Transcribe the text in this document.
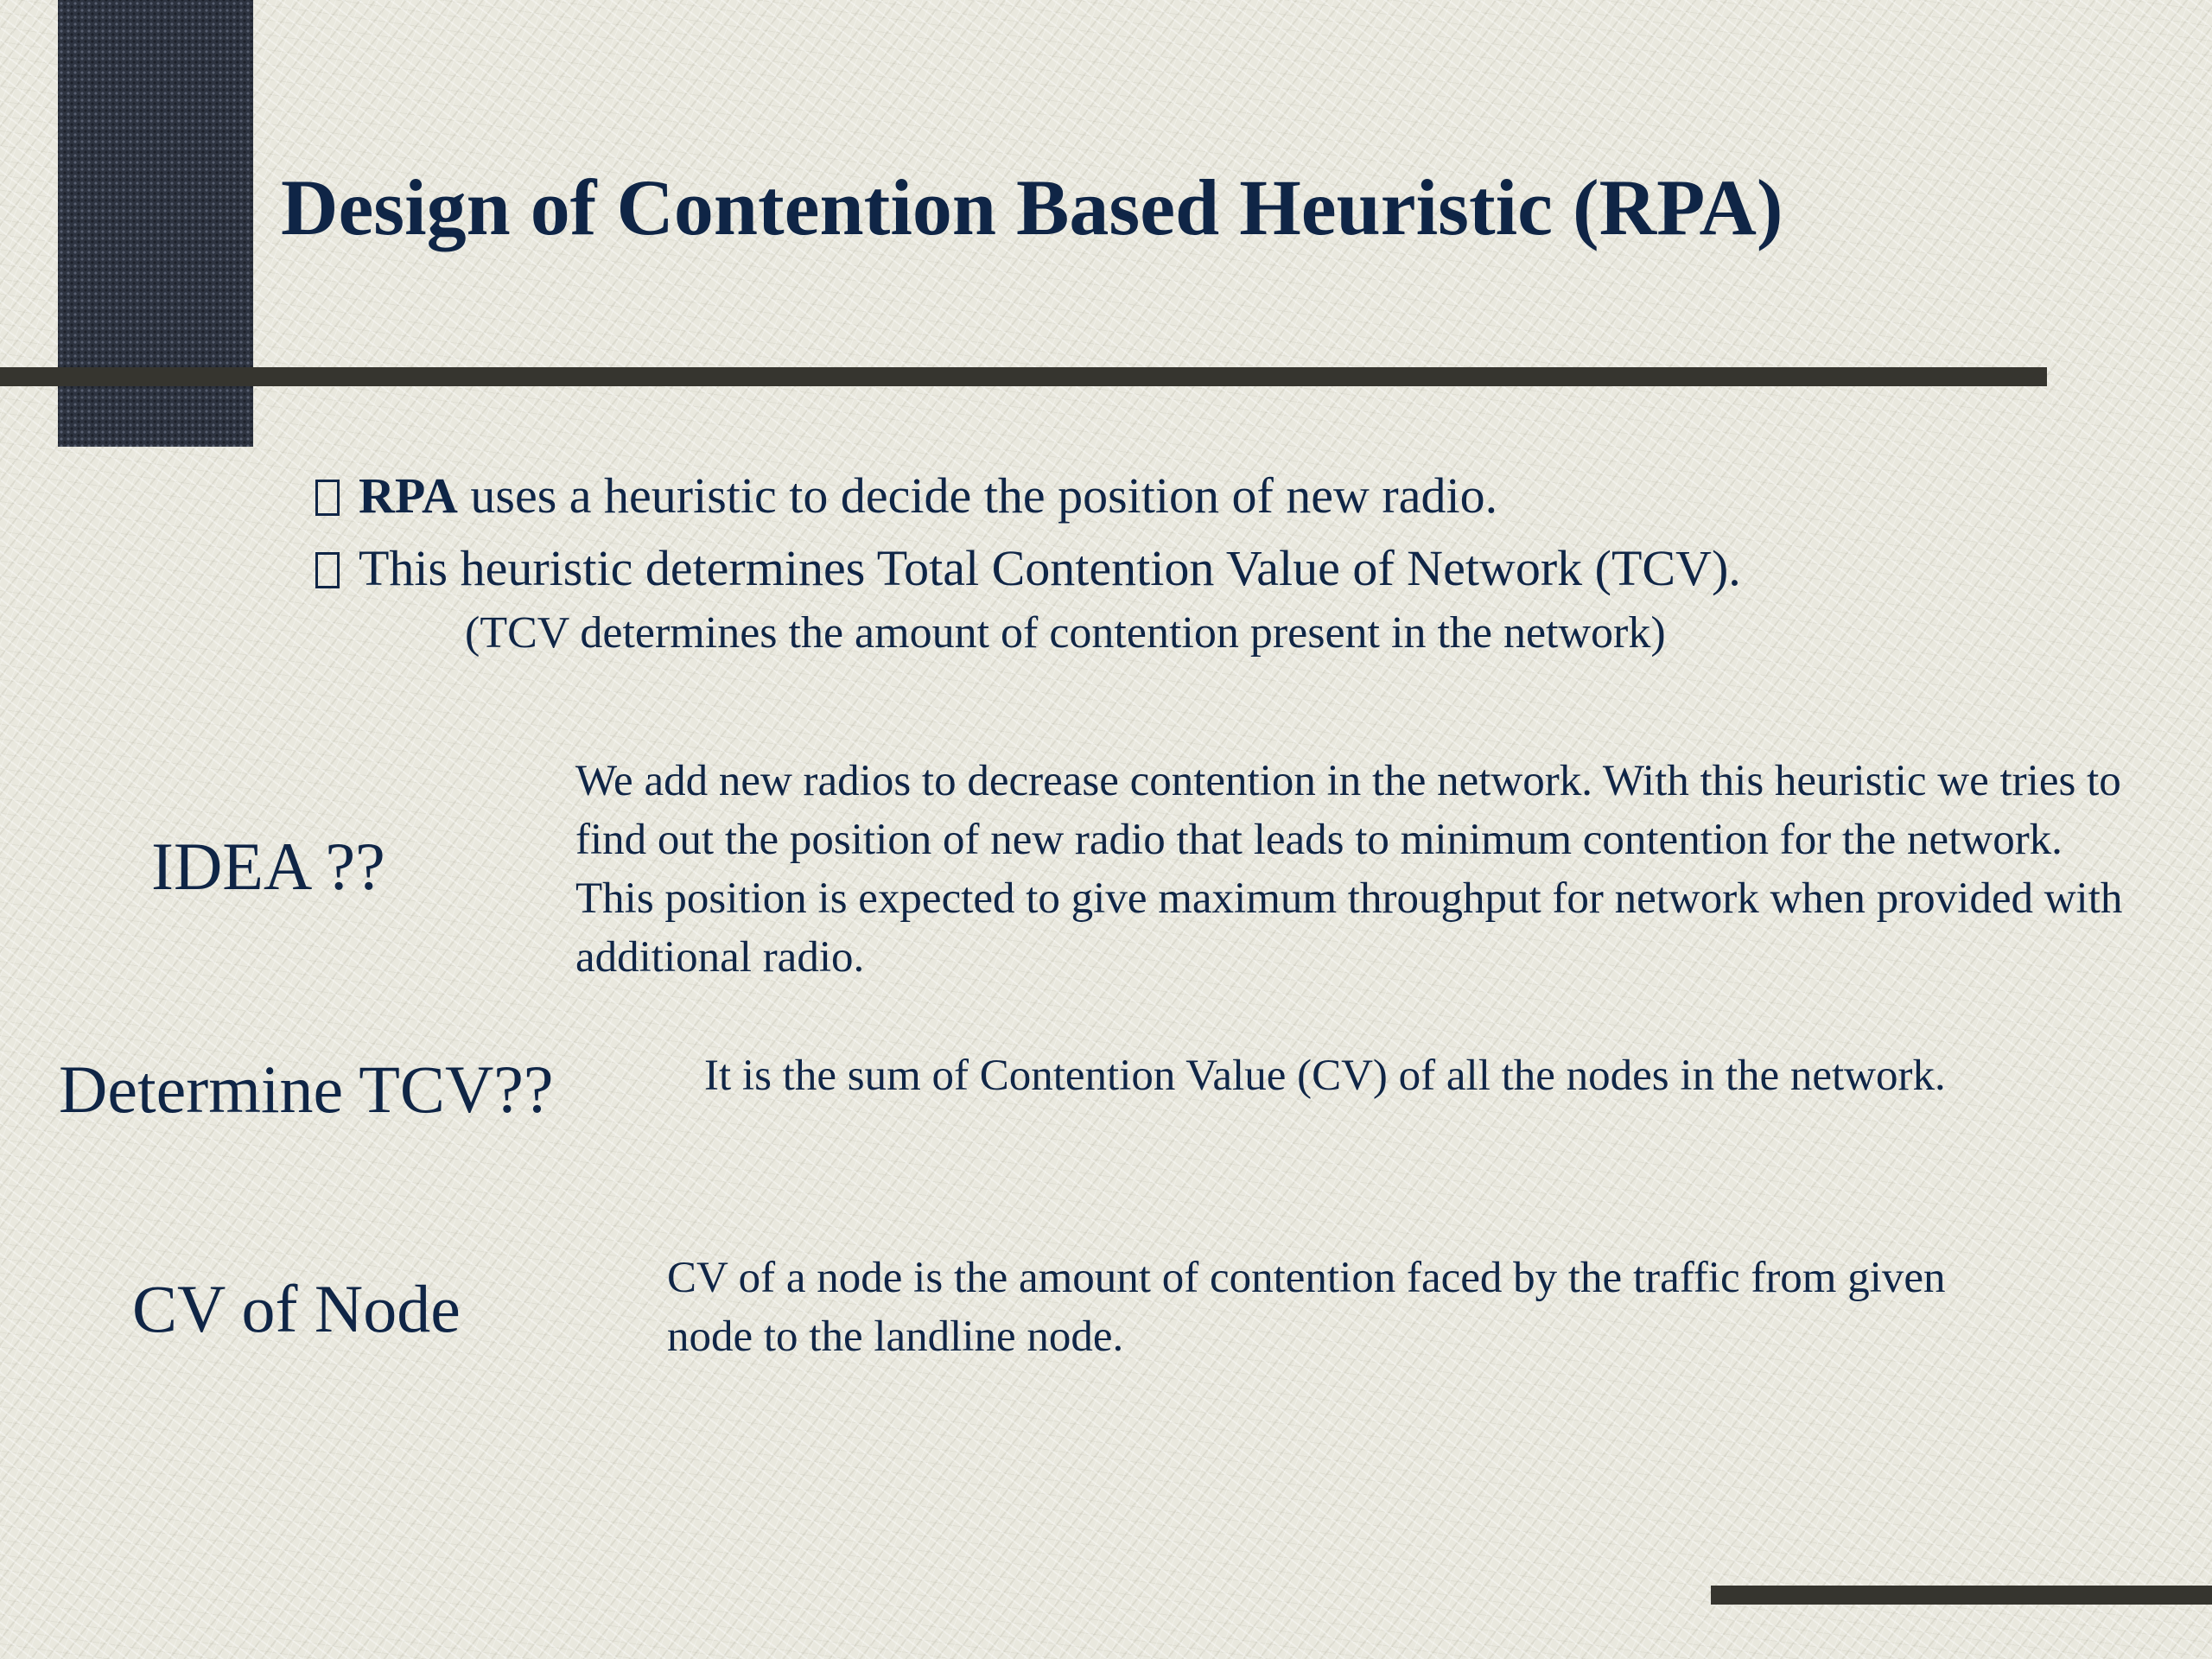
Design of Contention Based Heuristic (RPA)
RPA uses a heuristic to decide the position of new radio.
This heuristic determines Total Contention Value of Network (TCV).

(TCV determines the amount of contention present in the network)

IDEA ??

We add new radios to decrease contention in the network. With this heuristic we tries to find out the position of new radio that leads to minimum contention for the network. This position is expected to give maximum throughput for network when provided with additional radio.

Determine TCV??	It is the sum of Contention Value (CV) of all the nodes in the network.

CV of Node	CV of a node is the amount of contention faced by the traffic from given node to the landline node.
